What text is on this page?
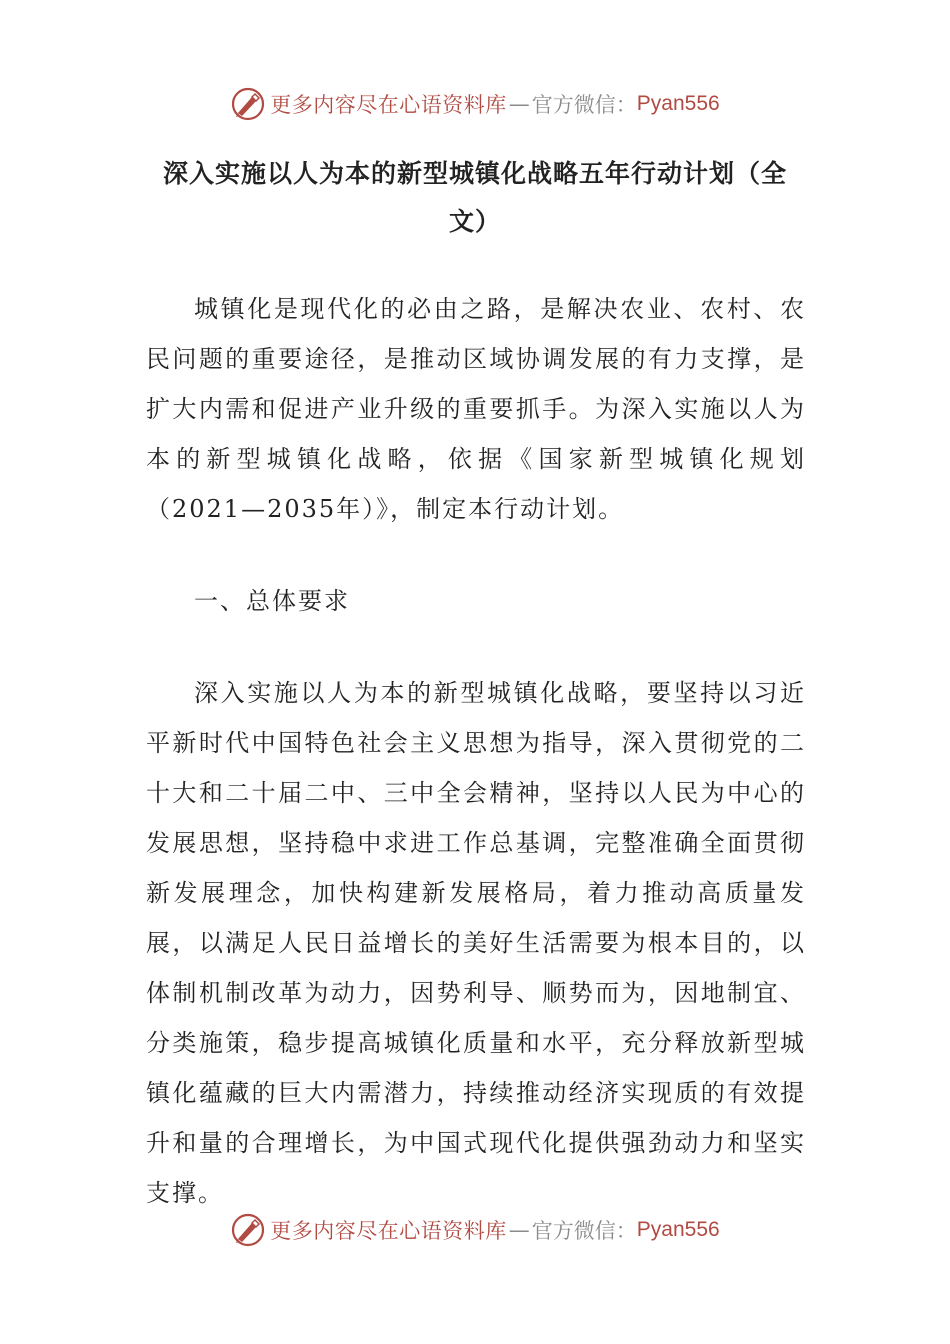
更多内容尽在心语资料库 — 官方微信： Pyan556
深入实施以人为本的新型城镇化战略五年行动计划（全文）

城镇化是现代化的必由之路，是解决农业、农村、农民问题的重要途径，是推动区域协调发展的有力支撑，是扩大内需和促进产业升级的重要抓手。为深入实施以人为本的新型城镇化战略，依据《国家新型城镇化规划（2021—2035年）》，制定本行动计划。

一、总体要求

深入实施以人为本的新型城镇化战略，要坚持以习近平新时代中国特色社会主义思想为指导，深入贯彻党的二十大和二十届二中、三中全会精神，坚持以人民为中心的发展思想，坚持稳中求进工作总基调，完整准确全面贯彻新发展理念，加快构建新发展格局，着力推动高质量发展，以满足人民日益增长的美好生活需要为根本目的，以体制机制改革为动力，因势利导、顺势而为，因地制宜、分类施策，稳步提高城镇化质量和水平，充分释放新型城镇化蕴藏的巨大内需潜力，持续推动经济实现质的有效提升和量的合理增长，为中国式现代化提供强劲动力和坚实支撑。

更多内容尽在心语资料库 — 官方微信： Pyan556
